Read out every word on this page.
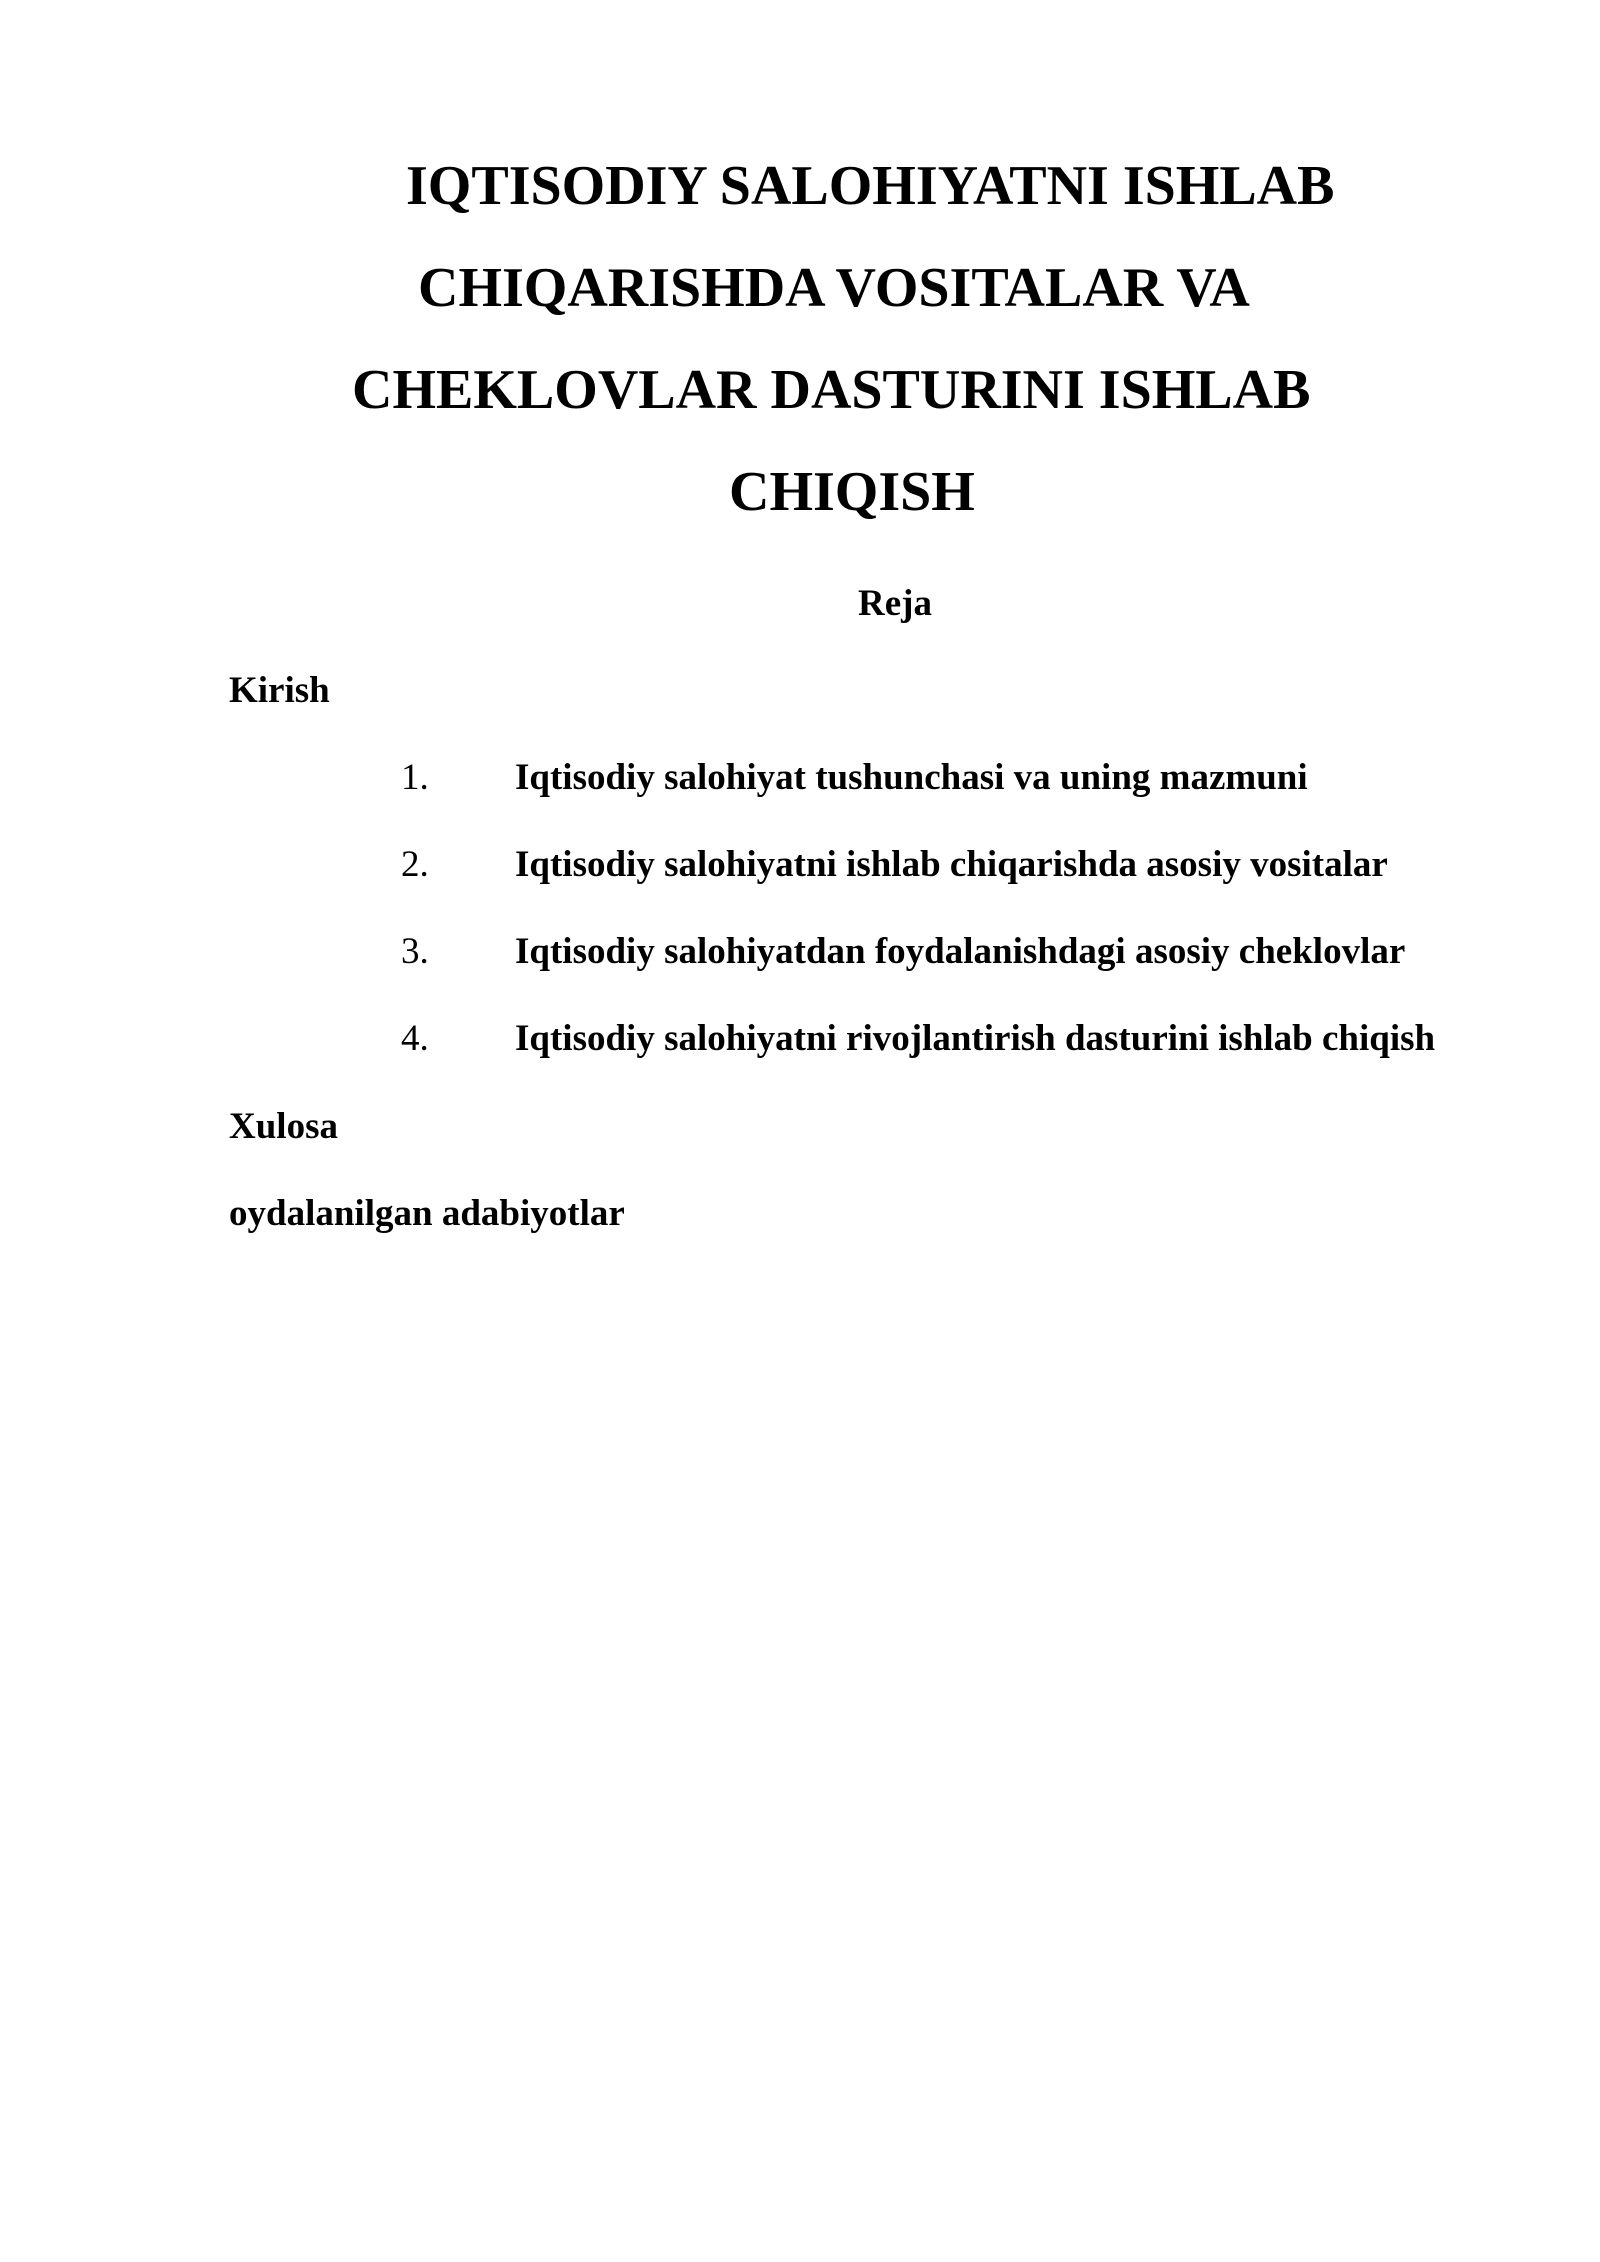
IQTISODIY SALOHIYATNI ISHLAB
CHIQARISHDA VOSITALAR VA
CHEKLOVLAR DASTURINI ISHLAB
CHIQISH
Reja

Kirish

1. Iqtisodiy salohiyat tushunchasi va uning mazmuni
2. Iqtisodiy salohiyatni ishlab chiqarishda asosiy vositalar
3. Iqtisodiy salohiyatdan foydalanishdagi asosiy cheklovlar
4. Iqtisodiy salohiyatni rivojlantirish dasturini ishlab chiqish

Xulosa

oydalanilgan adabiyotlar
